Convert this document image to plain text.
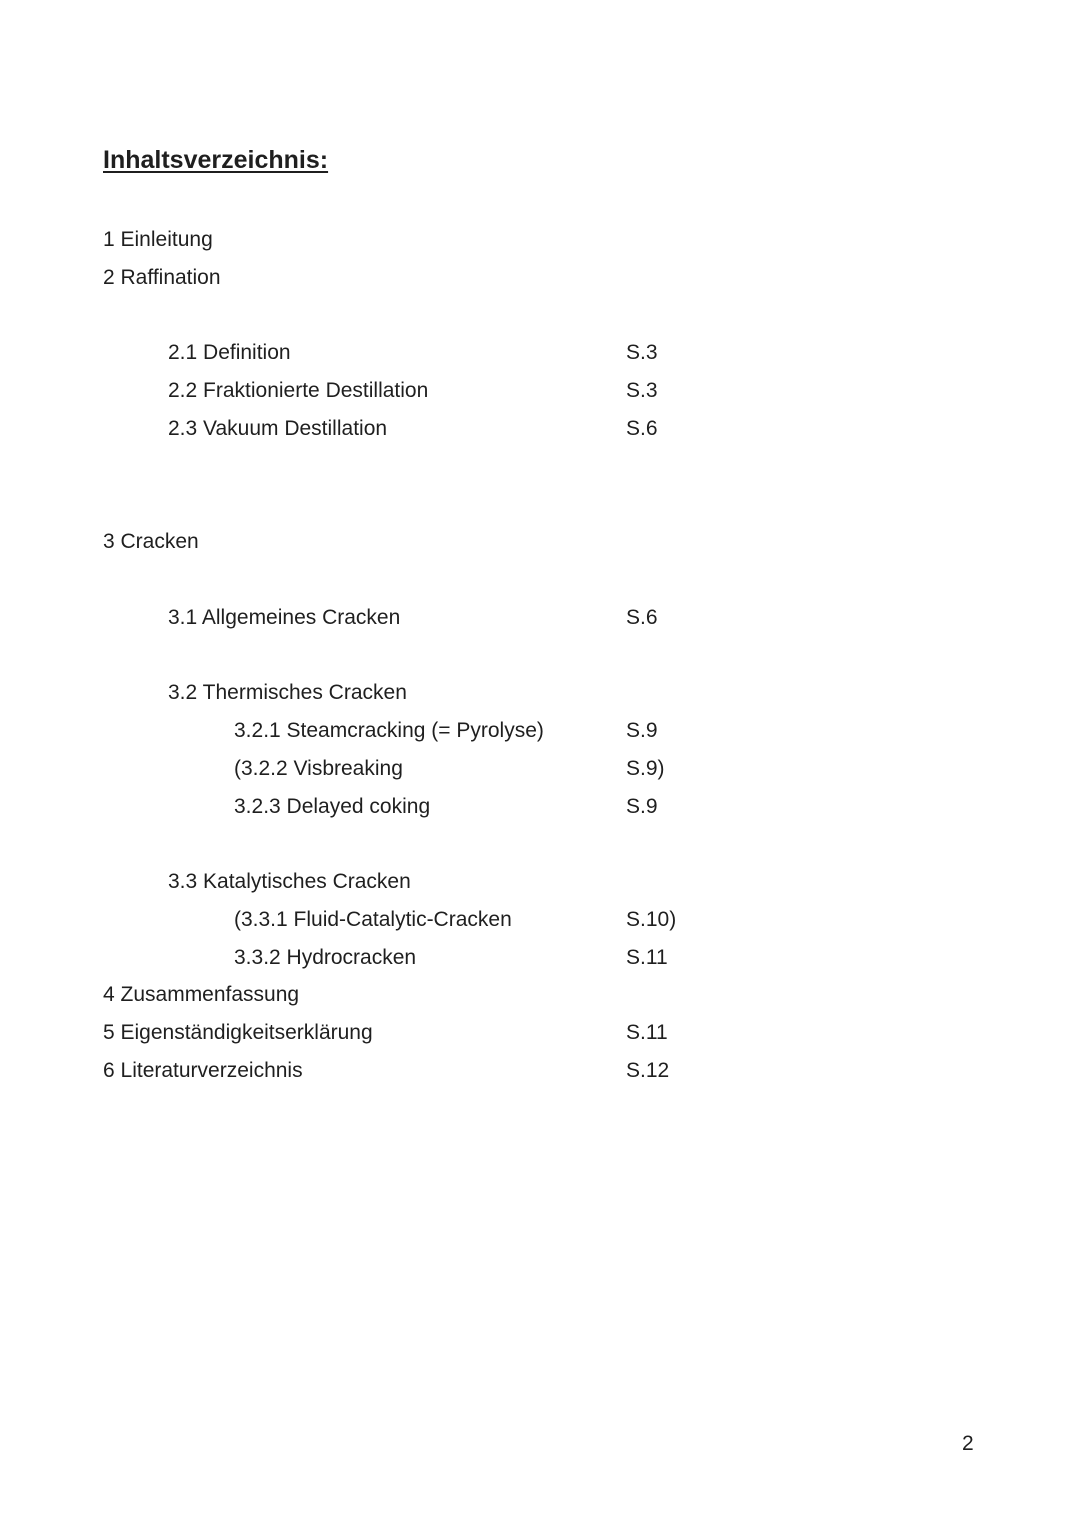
Inhaltsverzeichnis:
1 Einleitung
2 Raffination
2.1 Definition	S.3
2.2 Fraktionierte Destillation	S.3
2.3 Vakuum Destillation	S.6
3 Cracken
3.1 Allgemeines Cracken	S.6
3.2 Thermisches Cracken
3.2.1 Steamcracking (= Pyrolyse)	S.9
(3.2.2 Visbreaking	S.9)
3.2.3 Delayed coking	S.9
3.3 Katalytisches Cracken
(3.3.1 Fluid-Catalytic-Cracken	S.10)
3.3.2 Hydrocracken	S.11
4 Zusammenfassung
5 Eigenständigkeitserklärung	S.11
6 Literaturverzeichnis	S.12
2
